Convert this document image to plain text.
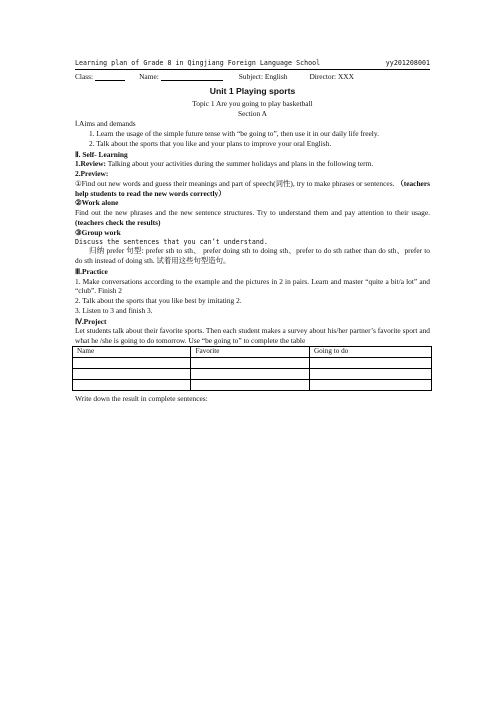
Learning plan of Grade 8 in Qingjiang Foreign Language School	yy201208001
Class:	Name:	Subject: English	Director: XXX
Unit 1 Playing sports
Topic 1 Are you going to play basketball
Section A

Ⅰ.Aims and demands

1. Learn the usage of the simple future tense with “be going to”, then use it in our daily life freely.

2. Talk about the sports that you like and your plans to improve your oral English.

Ⅱ. Self- Learning

1.Review: Talking about your activities during the summer holidays and plans in the following term.

2.Preview:

①Find out new words and guess their meanings and part of speech(词性), try to make phrases or sentences. （teachers help students to read the new words correctly）

②Work alone

Find out the new phrases and the new sentence structures. Try to understand them and pay attention to their usage. (teachers check the results)

③Group work

Discuss the sentences that you can’t understand.

归纳 prefer 句型: prefer sth to sth、 prefer doing sth to doing sth、prefer to do sth rather than do sth、prefer to do sth instead of doing sth. 试着用这些句型造句。

Ⅲ.Practice

1. Make conversations according to the example and the pictures in 2 in pairs. Learn and master “quite a bit/a lot” and “club”. Finish 2

2. Talk about the sports that you like best by imitating 2.

3. Listen to 3 and finish 3.

Ⅳ.Project

Let students talk about their favorite sports. Then each student makes a survey about his/her partner’s favorite sport and what he /she is going to do tomorrow. Use “be going to” to complete the table

Name	Favorite	Going to do

Write down the result in complete sentences:
